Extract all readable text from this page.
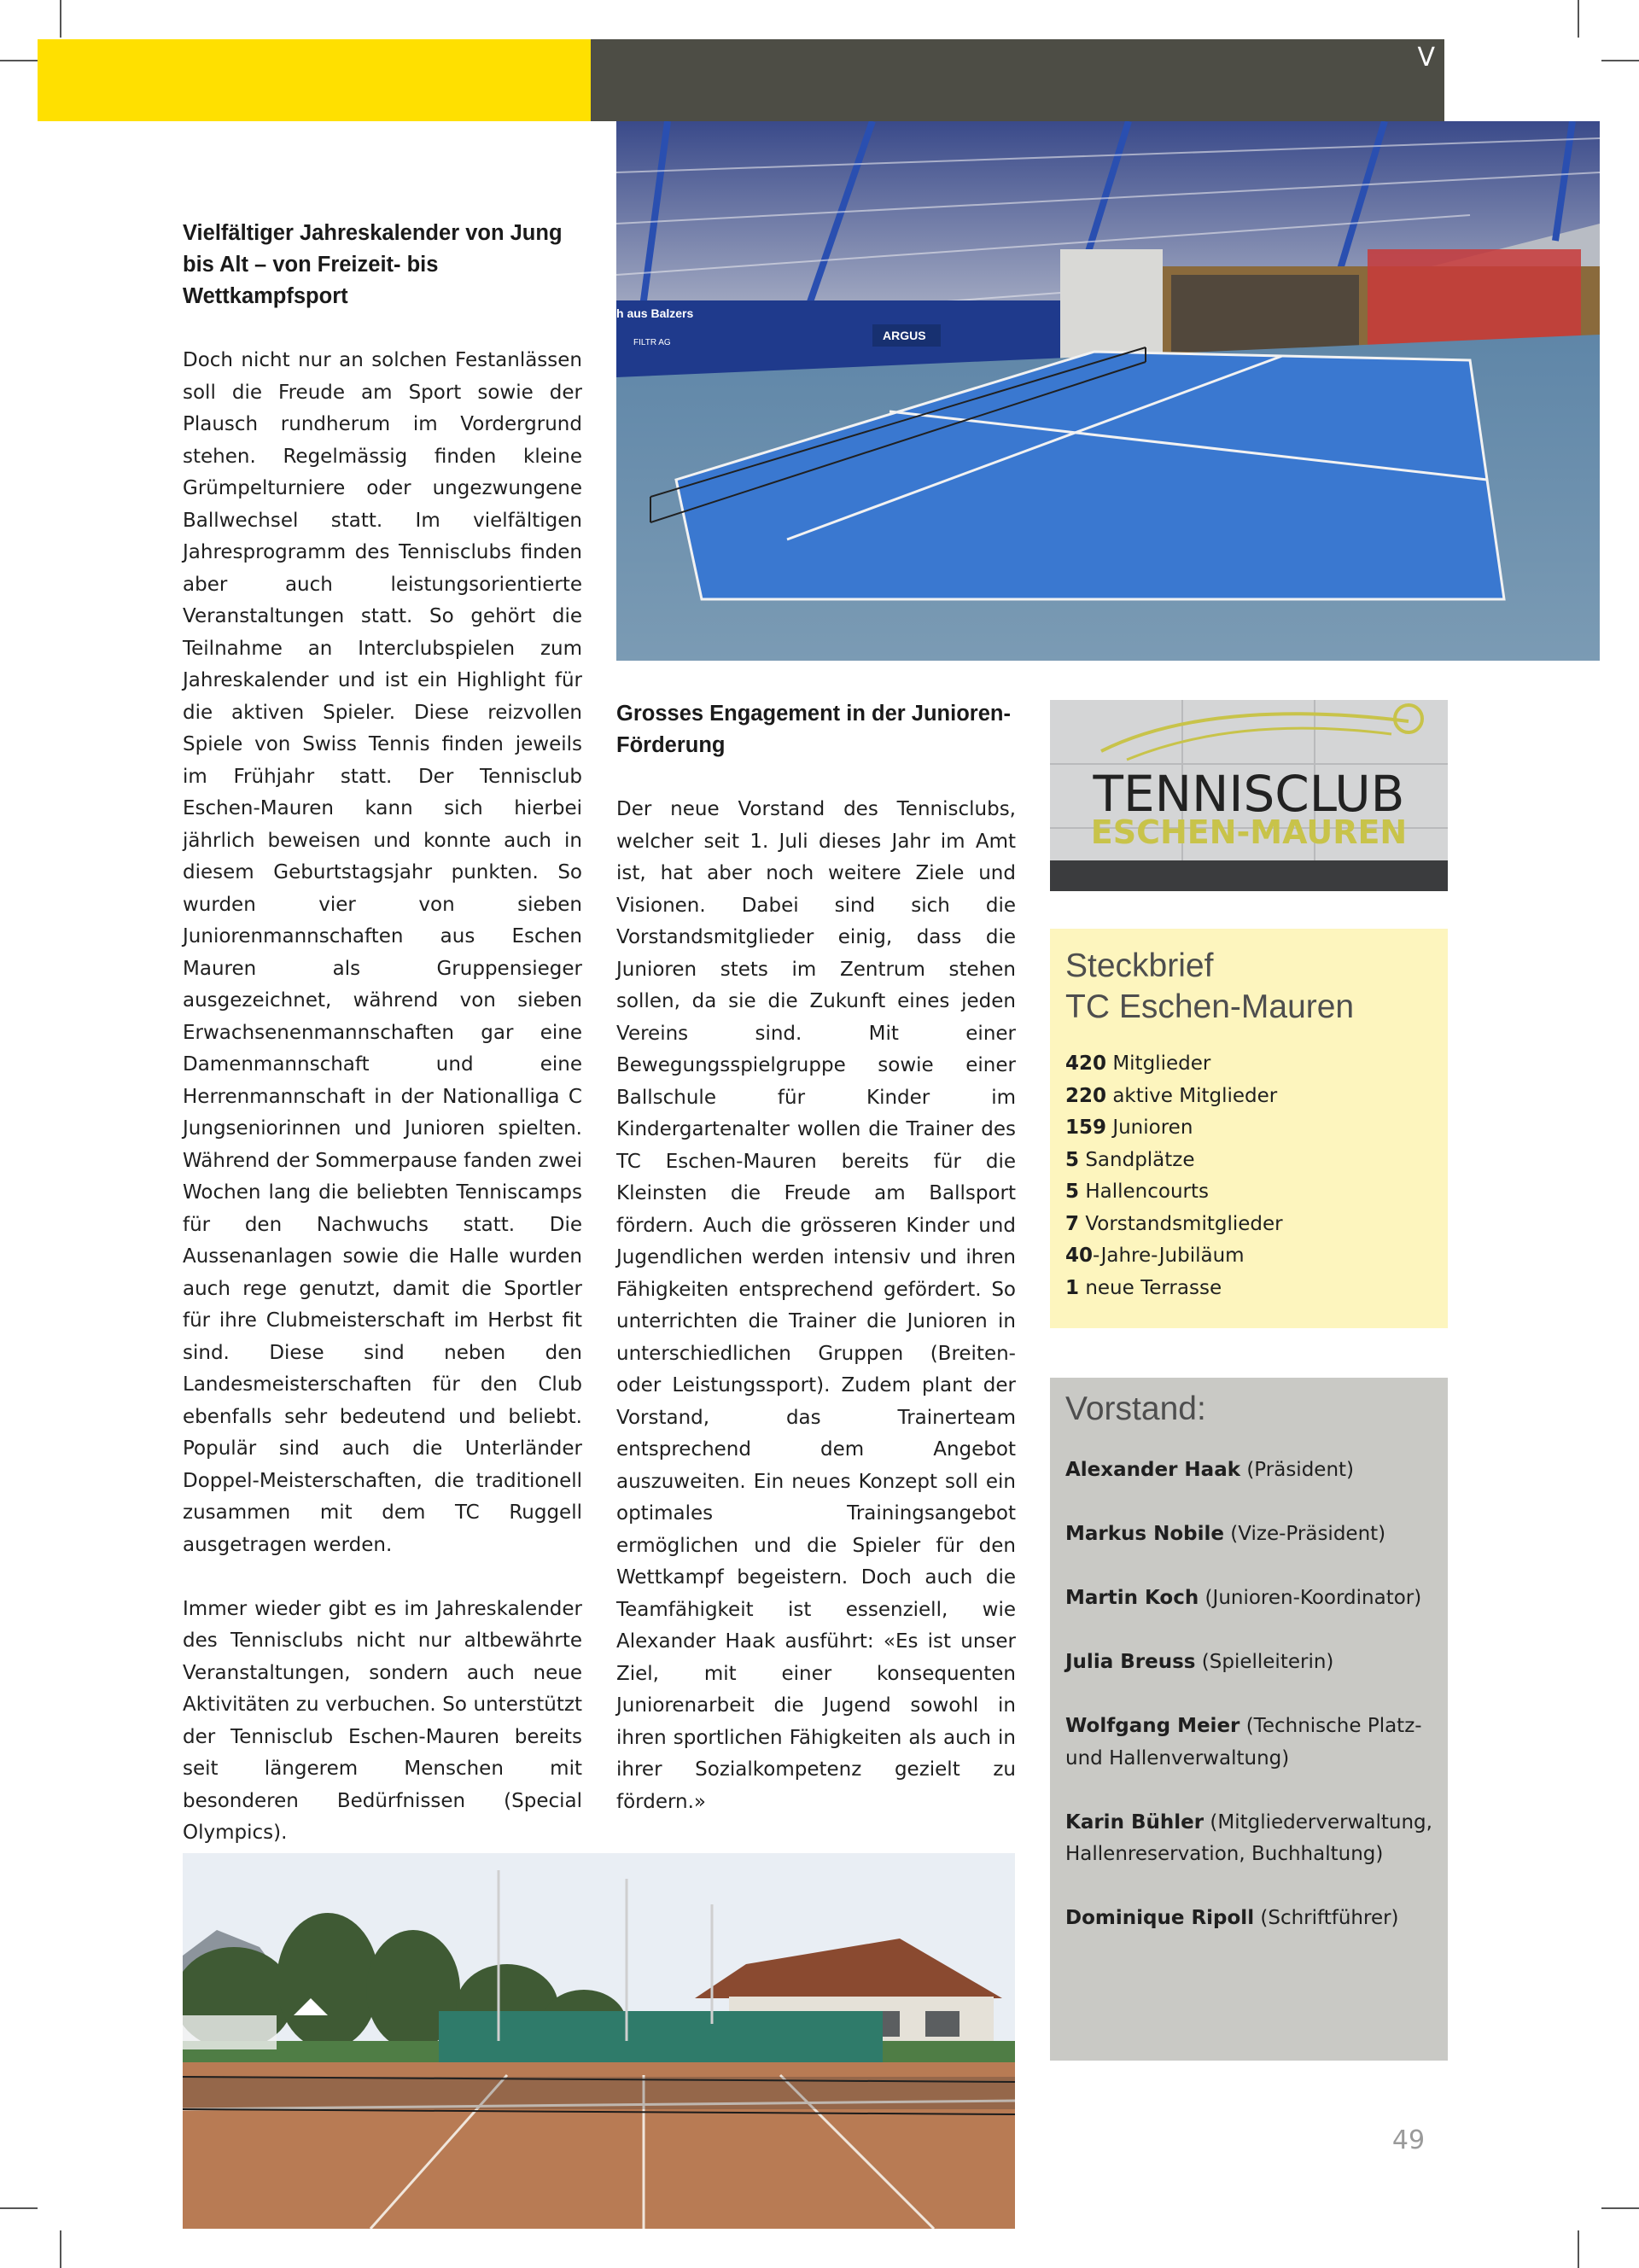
h aus Balzers
FILTR AG
ARGUS
VEREINE
Vielfältiger Jahreskalender von Jung bis Alt – von Freizeit- bis Wettkampfsport

Doch nicht nur an solchen Festanlässen soll die Freude am Sport sowie der Plausch rundherum im Vordergrund stehen. Regelmässig finden kleine Grümpelturniere oder ungezwungene Ballwechsel statt. Im vielfältigen Jahresprogramm des Tennisclubs finden aber auch leistungsorientierte Veranstaltungen statt. So gehört die Teilnahme an Interclubspielen zum Jahreskalender und ist ein Highlight für die aktiven Spieler. Diese reizvollen Spiele von Swiss Tennis finden jeweils im Frühjahr statt. Der Tennisclub Eschen-Mauren kann sich hierbei jährlich beweisen und konnte auch in diesem Geburtstagsjahr punkten. So wurden vier von sieben Juniorenmannschaften aus Eschen Mauren als Gruppensieger ausgezeichnet, während von sieben Erwachsenenmannschaften gar eine Damenmannschaft und eine Herrenmannschaft in der Nationalliga C Jungseniorinnen und Junioren spielten. Während der Sommerpause fanden zwei Wochen lang die beliebten Tenniscamps für den Nachwuchs statt. Die Aussenanlagen sowie die Halle wurden auch rege genutzt, damit die Sportler für ihre Clubmeisterschaft im Herbst fit sind. Diese sind neben den Landesmeisterschaften für den Club ebenfalls sehr bedeutend und beliebt. Populär sind auch die Unterländer Doppel-Meisterschaften, die traditionell zusammen mit dem TC Ruggell ausgetragen werden.

Immer wieder gibt es im Jahreskalender des Tennisclubs nicht nur altbewährte Veranstaltungen, sondern auch neue Aktivitäten zu verbuchen. So unterstützt der Tennisclub Eschen-Mauren bereits seit längerem Menschen mit besonderen Bedürfnissen (Special Olympics).

Grosses Engagement in der Junioren-Förderung

Der neue Vorstand des Tennisclubs, welcher seit 1. Juli dieses Jahr im Amt ist, hat aber noch weitere Ziele und Visionen. Dabei sind sich die Vorstandsmitglieder einig, dass die Junioren stets im Zentrum stehen sollen, da sie die Zukunft eines jeden Vereins sind. Mit einer Bewegungsspielgruppe sowie einer Ballschule für Kinder im Kindergartenalter wollen die Trainer des TC Eschen-Mauren bereits für die Kleinsten die Freude am Ballsport fördern. Auch die grösseren Kinder und Jugendlichen werden intensiv und ihren Fähigkeiten entsprechend gefördert. So unterrichten die Trainer die Junioren in unterschiedlichen Gruppen (Breiten- oder Leistungssport). Zudem plant der Vorstand, das Trainerteam entsprechend dem Angebot auszuweiten. Ein neues Konzept soll ein optimales Trainingsangebot ermöglichen und die Spieler für den Wettkampf begeistern. Doch auch die Teamfähigkeit ist essenziell, wie Alexander Haak ausführt: «Es ist unser Ziel, mit einer konsequenten Juniorenarbeit die Jugend sowohl in ihren sportlichen Fähigkeiten als auch in ihrer Sozialkompetenz gezielt zu fördern.»

TENNISCLUB
ESCHEN-MAUREN
Steckbrief
TC Eschen-Mauren
420 Mitglieder
220 aktive Mitglieder
159 Junioren
5 Sandplätze
5 Hallencourts
7 Vorstandsmitglieder
40-Jahre-Jubiläum
1 neue Terrasse
Vorstand:
Alexander Haak (Präsident)
Markus Nobile (Vize-Präsident)
Martin Koch (Junioren-Koordinator)
Julia Breuss (Spielleiterin)
Wolfgang Meier (Technische Platz- und Hallenverwaltung)
Karin Bühler (Mitgliederverwaltung, Hallenreservation, Buchhaltung)
Dominique Ripoll (Schriftführer)
49
